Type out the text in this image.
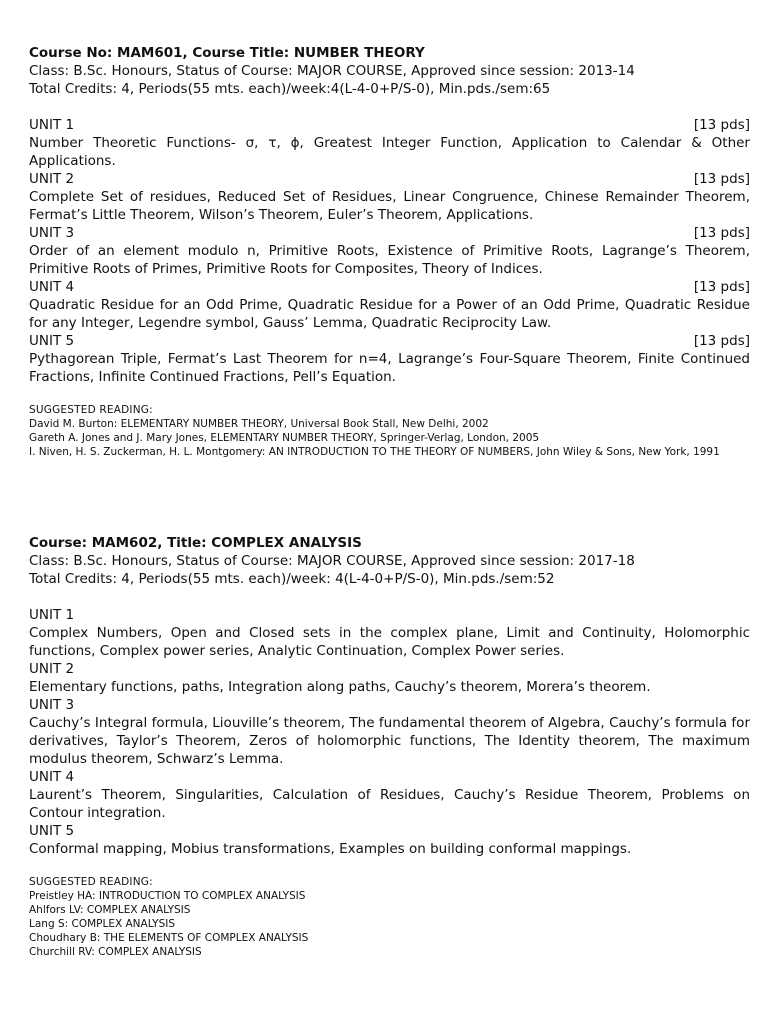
Course No: MAM601, Course Title: NUMBER THEORY
Class: B.Sc. Honours, Status of Course: MAJOR COURSE, Approved since session: 2013-14
Total Credits: 4, Periods(55 mts. each)/week:4(L-4-0+P/S-0), Min.pds./sem:65
UNIT 1	[13 pds]
Number Theoretic Functions- σ, τ, ϕ, Greatest Integer Function, Application to Calendar & Other Applications.
UNIT 2	[13 pds]
Complete Set of residues, Reduced Set of Residues, Linear Congruence, Chinese Remainder Theorem, Fermat’s Little Theorem, Wilson’s Theorem, Euler’s Theorem, Applications.
UNIT 3	[13 pds]
Order of an element modulo n, Primitive Roots, Existence of Primitive Roots, Lagrange’s Theorem, Primitive Roots of Primes, Primitive Roots for Composites, Theory of Indices.
UNIT 4	[13 pds]
Quadratic Residue for an Odd Prime, Quadratic Residue for a Power of an Odd Prime, Quadratic Residue for any Integer, Legendre symbol, Gauss’ Lemma, Quadratic Reciprocity Law.
UNIT 5	[13 pds]
Pythagorean Triple, Fermat’s Last Theorem for n=4, Lagrange’s Four-Square Theorem, Finite Continued Fractions, Infinite Continued Fractions, Pell’s Equation.
SUGGESTED READING:
David M. Burton: ELEMENTARY NUMBER THEORY, Universal Book Stall, New Delhi, 2002
Gareth A. Jones and J. Mary Jones, ELEMENTARY NUMBER THEORY, Springer-Verlag, London, 2005
I. Niven, H. S. Zuckerman, H. L. Montgomery: AN INTRODUCTION TO THE THEORY OF NUMBERS, John Wiley & Sons, New York, 1991
Course: MAM602, Title: COMPLEX ANALYSIS
Class: B.Sc. Honours, Status of Course: MAJOR COURSE, Approved since session: 2017-18
Total Credits: 4, Periods(55 mts. each)/week: 4(L-4-0+P/S-0), Min.pds./sem:52
UNIT 1
Complex Numbers, Open and Closed sets in the complex plane, Limit and Continuity, Holomorphic functions, Complex power series, Analytic Continuation, Complex Power series.
UNIT 2
Elementary functions, paths, Integration along paths, Cauchy’s theorem, Morera’s theorem.
UNIT 3
Cauchy’s Integral formula, Liouville’s theorem, The fundamental theorem of Algebra, Cauchy’s formula for derivatives, Taylor’s Theorem, Zeros of holomorphic functions, The Identity theorem, The maximum modulus theorem, Schwarz’s Lemma.
UNIT 4
Laurent’s Theorem, Singularities, Calculation of Residues, Cauchy’s Residue Theorem, Problems on Contour integration.
UNIT 5
Conformal mapping, Mobius transformations, Examples on building conformal mappings.
SUGGESTED READING:
Preistley HA: INTRODUCTION TO COMPLEX ANALYSIS
Ahlfors LV: COMPLEX ANALYSIS
Lang S: COMPLEX ANALYSIS
Choudhary B: THE ELEMENTS OF COMPLEX ANALYSIS
Churchill RV: COMPLEX ANALYSIS
